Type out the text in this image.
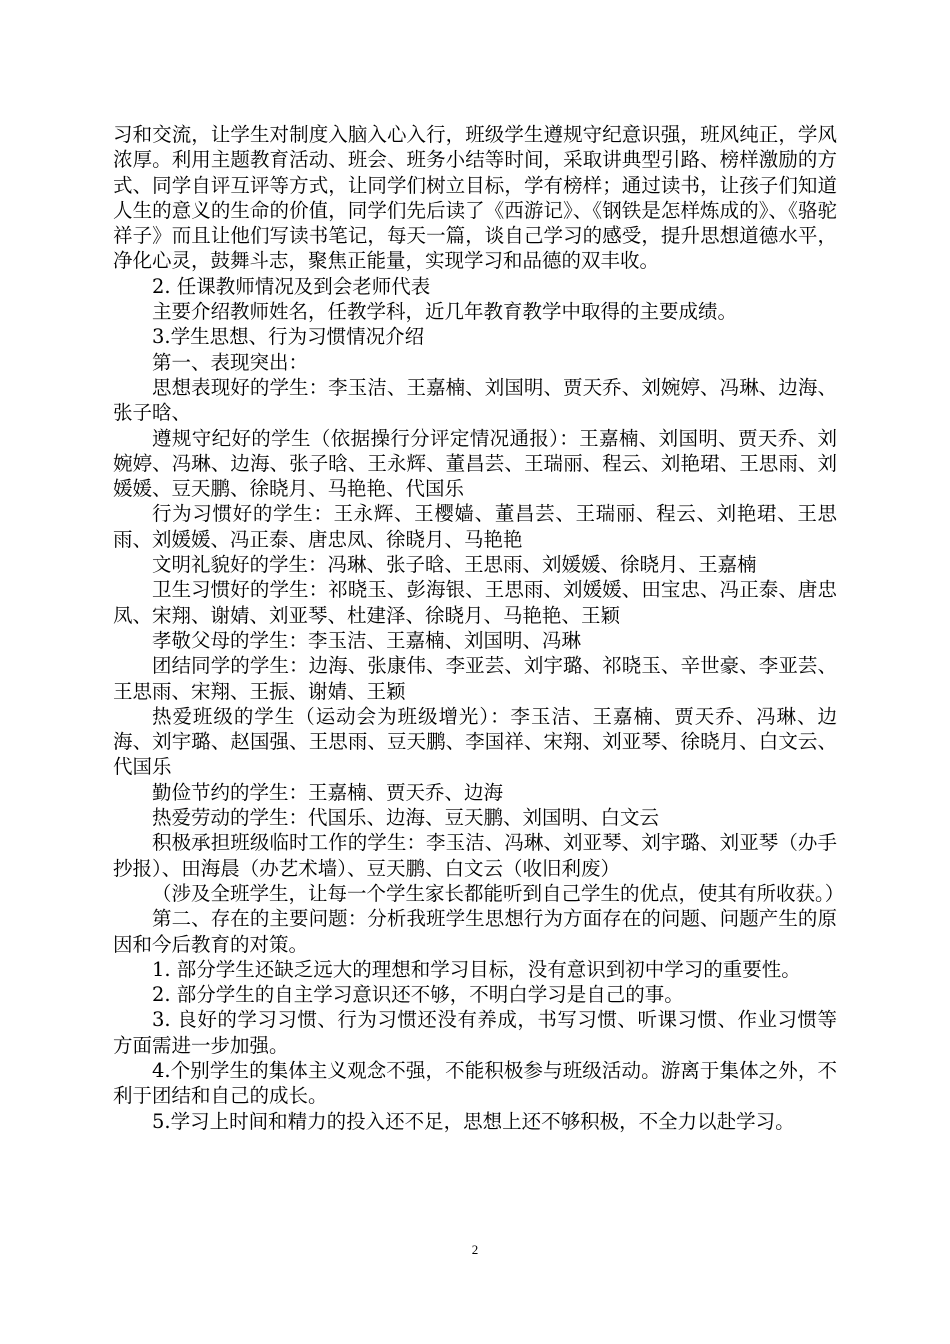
习和交流，让学生对制度入脑入心入行，班级学生遵规守纪意识强，班风纯正，学风浓厚。利用主题教育活动、班会、班务小结等时间，采取讲典型引路、榜样激励的方式、同学自评互评等方式，让同学们树立目标，学有榜样；通过读书，让孩子们知道人生的意义的生命的价值，同学们先后读了《西游记》、《钢铁是怎样炼成的》、《骆驼祥子》而且让他们写读书笔记，每天一篇，谈自己学习的感受，提升思想道德水平，净化心灵，鼓舞斗志，聚焦正能量，实现学习和品德的双丰收。

2. 任课教师情况及到会老师代表

主要介绍教师姓名，任教学科，近几年教育教学中取得的主要成绩。

3.学生思想、行为习惯情况介绍

第一、表现突出：

思想表现好的学生：李玉洁、王嘉楠、刘国明、贾天乔、刘婉婷、冯琳、边海、张子晗、

遵规守纪好的学生（依据操行分评定情况通报）：王嘉楠、刘国明、贾天乔、刘婉婷、冯琳、边海、张子晗、王永辉、董昌芸、王瑞丽、程云、刘艳珺、王思雨、刘媛媛、豆天鹏、徐晓月、马艳艳、代国乐

行为习惯好的学生：王永辉、王樱嫱、董昌芸、王瑞丽、程云、刘艳珺、王思雨、刘媛媛、冯正泰、唐忠凤、徐晓月、马艳艳

文明礼貌好的学生：冯琳、张子晗、王思雨、刘媛媛、徐晓月、王嘉楠

卫生习惯好的学生：祁晓玉、彭海银、王思雨、刘媛媛、田宝忠、冯正泰、唐忠凤、宋翔、谢婧、刘亚琴、杜建泽、徐晓月、马艳艳、王颖

孝敬父母的学生：李玉洁、王嘉楠、刘国明、冯琳

团结同学的学生：边海、张康伟、李亚芸、刘宇璐、祁晓玉、辛世豪、李亚芸、王思雨、宋翔、王振、谢婧、王颖

热爱班级的学生（运动会为班级增光）：李玉洁、王嘉楠、贾天乔、冯琳、边海、刘宇璐、赵国强、王思雨、豆天鹏、李国祥、宋翔、刘亚琴、徐晓月、白文云、代国乐

勤俭节约的学生：王嘉楠、贾天乔、边海

热爱劳动的学生：代国乐、边海、豆天鹏、刘国明、白文云

积极承担班级临时工作的学生：李玉洁、冯琳、刘亚琴、刘宇璐、刘亚琴（办手抄报）、田海晨（办艺术墙）、豆天鹏、白文云（收旧利废）

（涉及全班学生，让每一个学生家长都能听到自己学生的优点，使其有所收获。）

第二、存在的主要问题：分析我班学生思想行为方面存在的问题、问题产生的原因和今后教育的对策。

1. 部分学生还缺乏远大的理想和学习目标，没有意识到初中学习的重要性。

2. 部分学生的自主学习意识还不够，不明白学习是自己的事。

3. 良好的学习习惯、行为习惯还没有养成，书写习惯、听课习惯、作业习惯等方面需进一步加强。

4.个别学生的集体主义观念不强，不能积极参与班级活动。游离于集体之外，不利于团结和自己的成长。

5.学习上时间和精力的投入还不足，思想上还不够积极，不全力以赴学习。

2
